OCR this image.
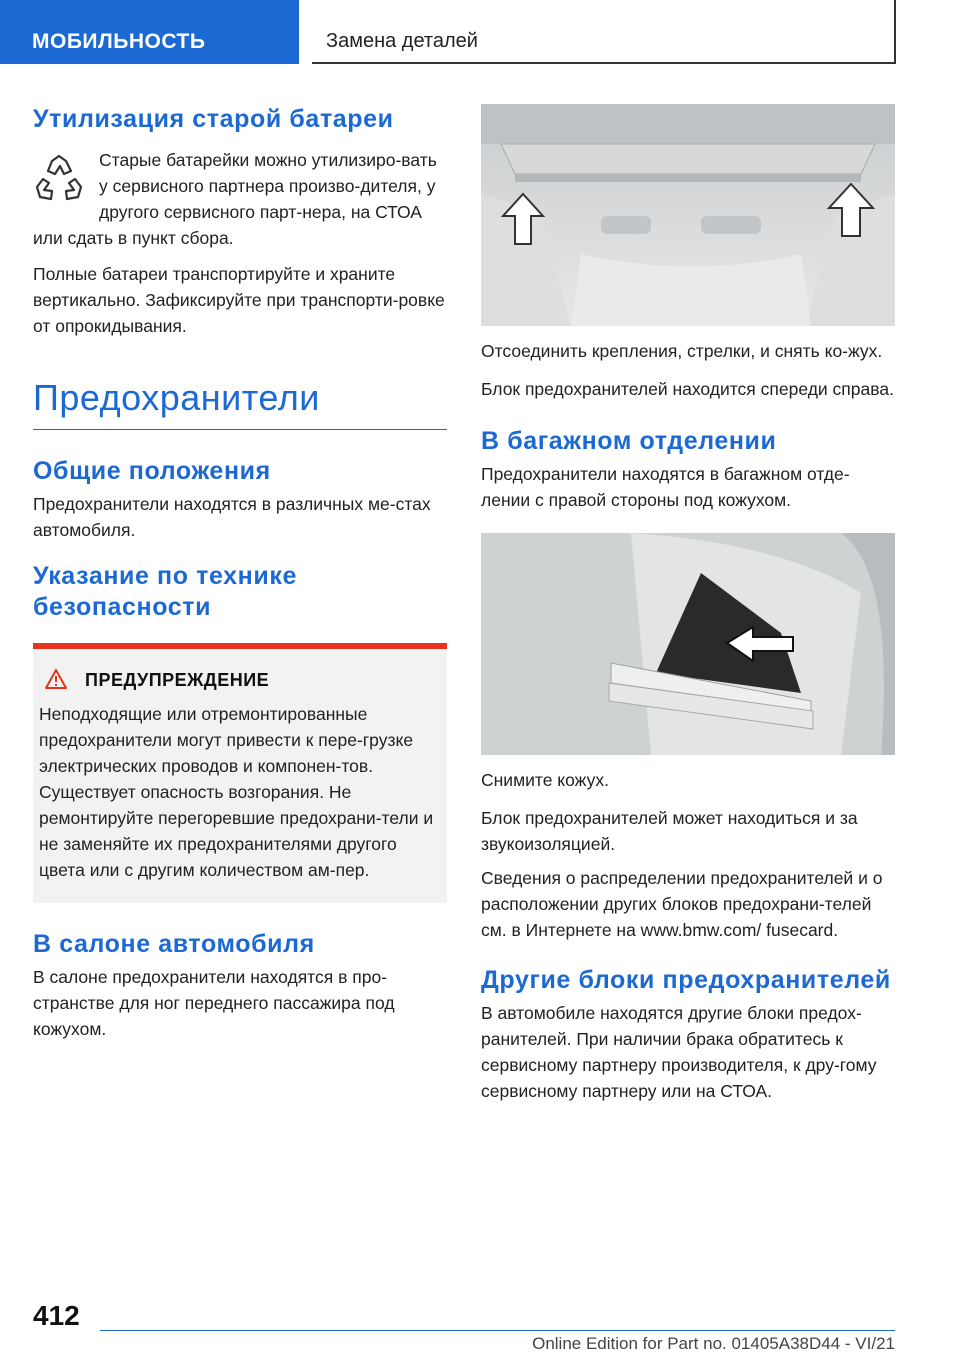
МОБИЛЬНОСТЬ	Замена деталей
Утилизация старой батареи

Старые батарейки можно утилизиро-вать у сервисного партнера произво-дителя, у другого сервисного парт-нера, на СТОА или сдать в пункт сбора.

Полные батареи транспортируйте и храните вертикально. Зафиксируйте при транспорти-ровке от опрокидывания.

Предохранители
Общие положения

Предохранители находятся в различных ме-стах автомобиля.

Указание по технике безопасности
ПРЕДУПРЕЖДЕНИЕ

Неподходящие или отремонтированные предохранители могут привести к пере-грузке электрических проводов и компонен-тов. Существует опасность возгорания. Не ремонтируйте перегоревшие предохрани-тели и не заменяйте их предохранителями другого цвета или с другим количеством ам-пер.

В салоне автомобиля

В салоне предохранители находятся в про-странстве для ног переднего пассажира под кожухом.

Отсоединить крепления, стрелки, и снять ко-жух.

Блок предохранителей находится спереди справа.

В багажном отделении

Предохранители находятся в багажном отде-лении с правой стороны под кожухом.

Снимите кожух.

Блок предохранителей может находиться и за звукоизоляцией.

Сведения о распределении предохранителей и о расположении других блоков предохрани-телей см. в Интернете на www.bmw.com/ fusecard.

Другие блоки предохранителей

В автомобиле находятся другие блоки предох-ранителей. При наличии брака обратитесь к сервисному партнеру производителя, к дру-гому сервисному партнеру или на СТОА.

412
Online Edition for Part no. 01405A38D44 - VI/21
